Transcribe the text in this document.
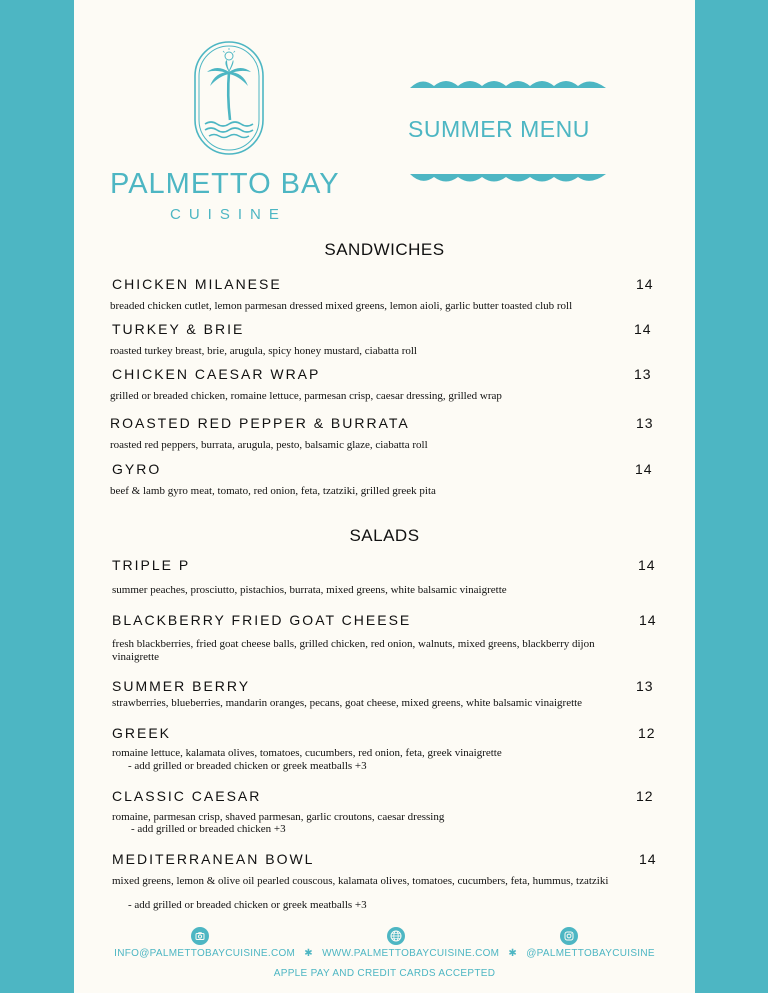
PALMETTO BAY
CUISINE
SUMMER MENU
SANDWICHES
CHICKEN MILANESE	14
breaded chicken cutlet, lemon parmesan dressed mixed greens, lemon aioli, garlic butter toasted club roll
TURKEY & BRIE	14
roasted turkey breast, brie, arugula, spicy honey mustard, ciabatta roll
CHICKEN CAESAR WRAP	13
grilled or breaded chicken, romaine lettuce, parmesan crisp, caesar dressing, grilled wrap
ROASTED RED PEPPER & BURRATA	13
roasted red peppers, burrata, arugula, pesto, balsamic glaze, ciabatta roll
GYRO	14
beef & lamb gyro meat, tomato, red onion, feta, tzatziki, grilled greek pita
SALADS
TRIPLE P	14
summer peaches, prosciutto, pistachios, burrata, mixed greens, white balsamic vinaigrette
BLACKBERRY FRIED GOAT CHEESE	14
fresh blackberries, fried goat cheese balls, grilled chicken, red onion, walnuts, mixed greens, blackberry dijon vinaigrette
SUMMER BERRY	13
strawberries, blueberries, mandarin oranges, pecans, goat cheese, mixed greens, white balsamic vinaigrette
GREEK	12
romaine lettuce, kalamata olives, tomatoes, cucumbers, red onion, feta, greek vinaigrette
- add grilled or breaded chicken or greek meatballs +3
CLASSIC CAESAR	12
romaine, parmesan crisp, shaved parmesan, garlic croutons, caesar dressing
- add grilled or breaded chicken +3
MEDITERRANEAN BOWL	14
mixed greens, lemon & olive oil pearled couscous, kalamata olives, tomatoes, cucumbers, feta, hummus, tzatziki
- add grilled or breaded chicken or greek meatballs +3
INFO@PALMETTOBAYCUISINE.COM ✱ WWW.PALMETTOBAYCUISINE.COM ✱ @PALMETTOBAYCUISINE
APPLE PAY AND CREDIT CARDS ACCEPTED
